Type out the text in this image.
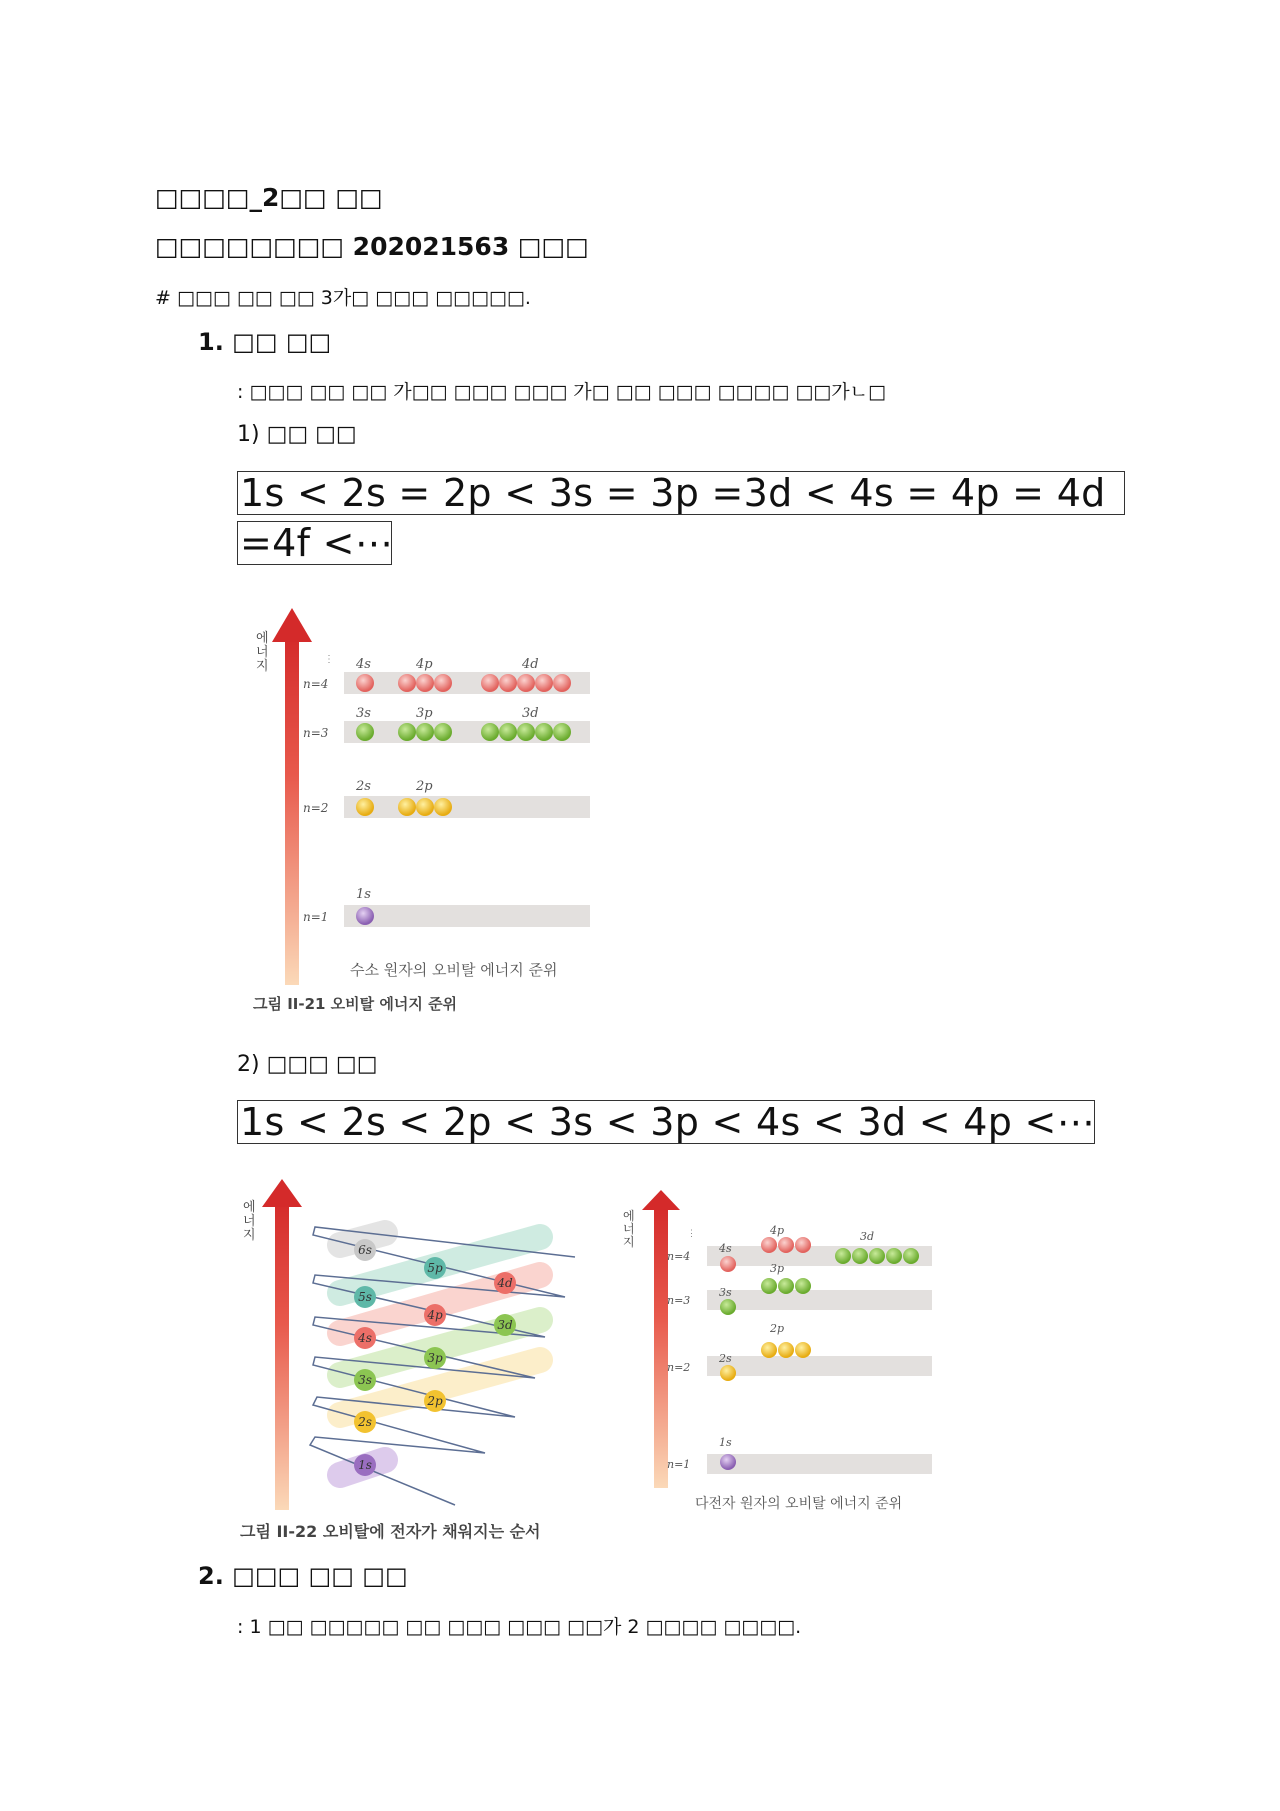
□□□□_2□□ □□
□□□□□□□□ 202021563 □□□
# □□□ □□ □□ 3가□ □□□ □□□□□.
1. □□ □□
: □□□ □□ □□ 가□□ □□□ □□□ 가□ □□ □□□ □□□□ □□가ㄴ□
1) □□ □□
1s < 2s = 2p < 3s = 3p =3d < 4s = 4p = 4d
=4f <⋯
에
너
지	⋮
n=4
4s	4p	4d
n=3
3s	3p	3d
n=2
2s	2p
n=1
1s
수소 원자의 오비탈 에너지 준위
그림 II-21 오비탈 에너지 준위
2) □□□ □□
1s < 2s < 2p < 3s < 3p < 4s < 3d < 4p <⋯
에
너
지
1s
2s
3s
2p
4s
3p
3d
5s
4p
4d
6s
5p
그림 II-22 오비탈에 전자가 채워지는 순서
에
너
지
⋮
n=4
n=3
n=2
n=1
4s
4p	3d
3p
3s
2p
2s
1s
다전자 원자의 오비탈 에너지 준위
2. □□□ □□ □□
: 1 □□ □□□□□ □□ □□□ □□□ □□가 2 □□□□ □□□□.
